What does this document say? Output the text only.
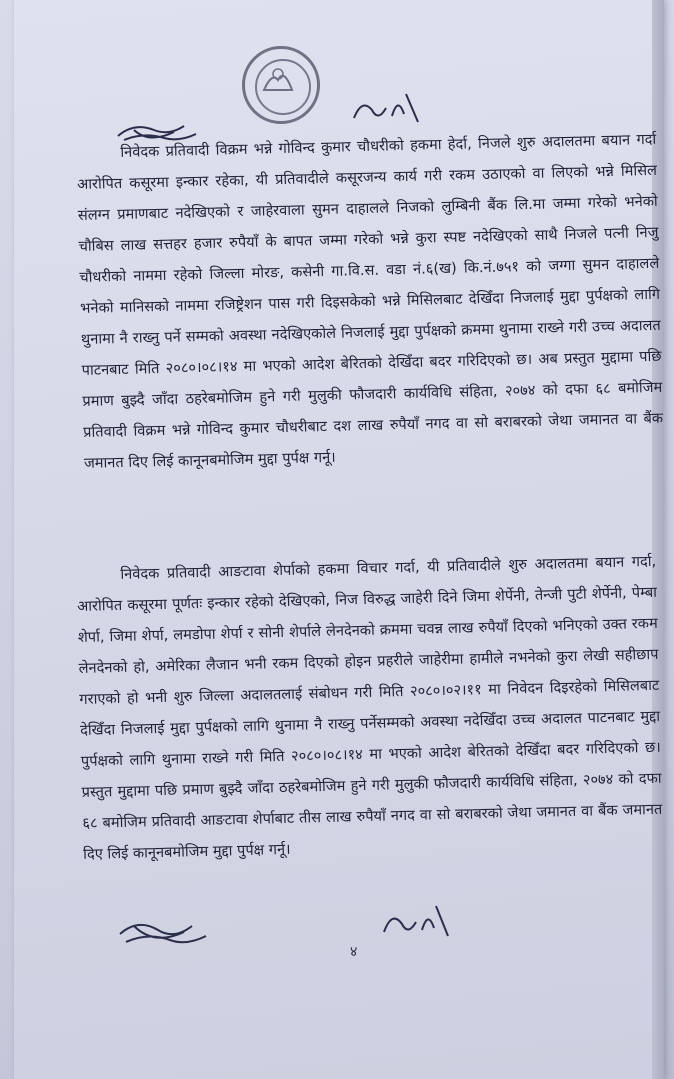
निवेदक प्रतिवादी विक्रम भन्ने गोविन्द कुमार चौधरीको हकमा हेर्दा, निजले शुरु अदालतमा बयान गर्दा आरोपित कसूरमा इन्कार रहेका, यी प्रतिवादीले कसूरजन्य कार्य गरी रकम उठाएको वा लिएको भन्ने मिसिल संलग्न प्रमाणबाट नदेखिएको र जाहेरवाला सुमन दाहालले निजको लुम्बिनी बैंक लि.मा जम्मा गरेको भनेको चौबिस लाख सत्तहर हजार रुपैयाँ के बापत जम्मा गरेको भन्ने कुरा स्पष्ट नदेखिएको साथै निजले पत्नी निजु चौधरीको नाममा रहेको जिल्ला मोरङ, कसेनी गा.वि.स. वडा नं.६(ख) कि.नं.७५१ को जग्गा सुमन दाहालले भनेको मानिसको नाममा रजिष्ट्रेशन पास गरी दिइसकेको भन्ने मिसिलबाट देखिँदा निजलाई मुद्दा पुर्पक्षको लागि थुनामा नै राख्नु पर्ने सम्मको अवस्था नदेखिएकोले निजलाई मुद्दा पुर्पक्षको क्रममा थुनामा राख्ने गरी उच्च अदालत पाटनबाट मिति २०८०।०८।१४ मा भएको आदेश बेरितको देखिँदा बदर गरिदिएको छ। अब प्रस्तुत मुद्दामा पछि प्रमाण बुझ्दै जाँदा ठहरेबमोजिम हुने गरी मुलुकी फौजदारी कार्यविधि संहिता, २०७४ को दफा ६८ बमोजिम प्रतिवादी विक्रम भन्ने गोविन्द कुमार चौधरीबाट दश लाख रुपैयाँ नगद वा सो बराबरको जेथा जमानत वा बैंक जमानत दिए लिई कानूनबमोजिम मुद्दा पुर्पक्ष गर्नू।

निवेदक प्रतिवादी आङटावा शेर्पाको हकमा विचार गर्दा, यी प्रतिवादीले शुरु अदालतमा बयान गर्दा, आरोपित कसूरमा पूर्णतः इन्कार रहेको देखिएको, निज विरुद्ध जाहेरी दिने जिमा शेर्पेनी, तेन्जी पुटी शेर्पेनी, पेम्बा शेर्पा, जिमा शेर्पा, लमडोपा शेर्पा र सोनी शेर्पाले लेनदेनको क्रममा चवन्न लाख रुपैयाँ दिएको भनिएको उक्त रकम लेनदेनको हो, अमेरिका लैजान भनी रकम दिएको होइन प्रहरीले जाहेरीमा हामीले नभनेको कुरा लेखी सहीछाप गराएको हो भनी शुरु जिल्ला अदालतलाई संबोधन गरी मिति २०८०।०२।११ मा निवेदन दिइरहेको मिसिलबाट देखिँदा निजलाई मुद्दा पुर्पक्षको लागि थुनामा नै राख्नु पर्नेसम्मको अवस्था नदेखिँदा उच्च अदालत पाटनबाट मुद्दा पुर्पक्षको लागि थुनामा राख्ने गरी मिति २०८०।०८।१४ मा भएको आदेश बेरितको देखिँदा बदर गरिदिएको छ। प्रस्तुत मुद्दामा पछि प्रमाण बुझ्दै जाँदा ठहरेबमोजिम हुने गरी मुलुकी फौजदारी कार्यविधि संहिता, २०७४ को दफा ६८ बमोजिम प्रतिवादी आङटावा शेर्पाबाट तीस लाख रुपैयाँ नगद वा सो बराबरको जेथा जमानत वा बैंक जमानत दिए लिई कानूनबमोजिम मुद्दा पुर्पक्ष गर्नू।

४
